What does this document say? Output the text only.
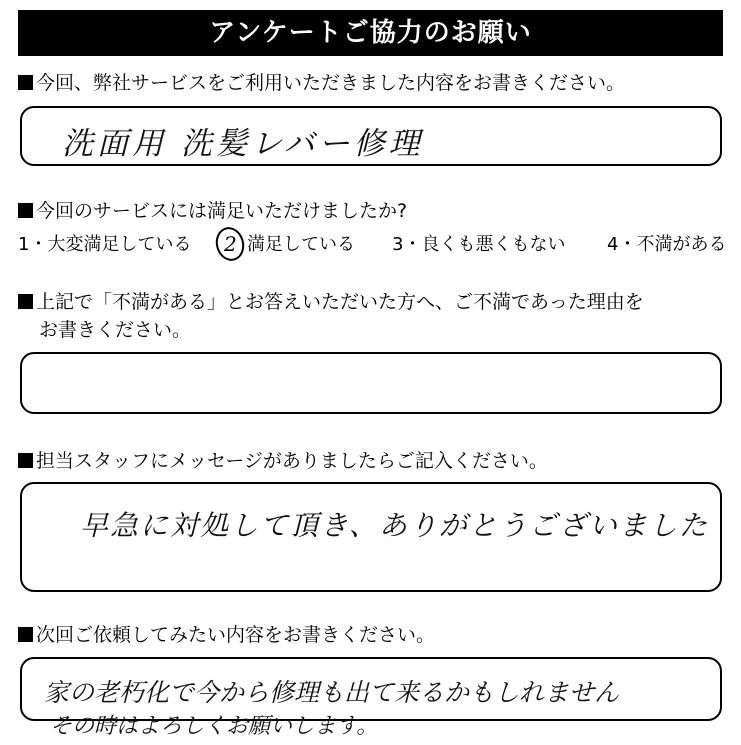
アンケートご協力のお願い
今回、弊社サービスをご利用いただきました内容をお書きください。
洗面用 洗髪レバー修理
今回のサービスには満足いただけましたか?
1・大変満足している 2 満足している 3・良くも悪くもない 4・不満がある
上記で「不満がある」とお答えいただいた方へ、ご不満であった理由を
お書きください。
担当スタッフにメッセージがありましたらご記入ください。
早急に対処して頂き、ありがとうございました
次回ご依頼してみたい内容をお書きください。
家の老朽化で今から修理も出て来るかもしれません
その時はよろしくお願いします。
